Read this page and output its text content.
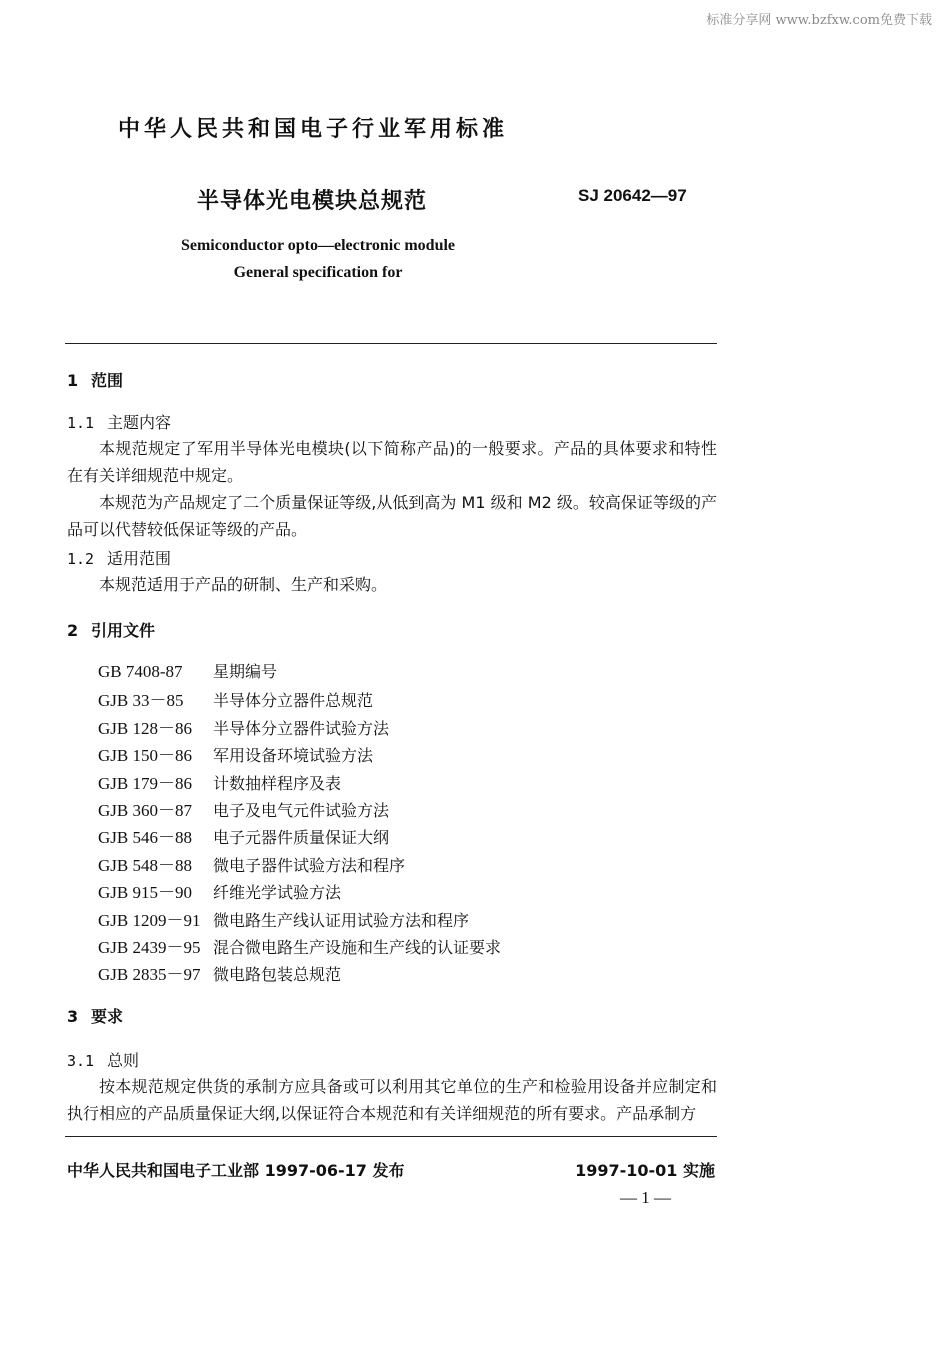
标准分享网 www.bzfxw.com免费下载
中华人民共和国电子行业军用标准
半导体光电模块总规范	SJ 20642—97
Semiconductor opto—electronic module
General specification for
1 范围
1.1 主题内容
本规范规定了军用半导体光电模块(以下简称产品)的一般要求。产品的具体要求和特性在有关详细规范中规定。
本规范为产品规定了二个质量保证等级,从低到高为 M1 级和 M2 级。较高保证等级的产品可以代替较低保证等级的产品。
1.2 适用范围
本规范适用于产品的研制、生产和采购。
2 引用文件
GB 7408-87 星期编号
GJB 33－85 半导体分立器件总规范
GJB 128－86 半导体分立器件试验方法
GJB 150－86 军用设备环境试验方法
GJB 179－86 计数抽样程序及表
GJB 360－87 电子及电气元件试验方法
GJB 546－88 电子元器件质量保证大纲
GJB 548－88 微电子器件试验方法和程序
GJB 915－90 纤维光学试验方法
GJB 1209－91 微电路生产线认证用试验方法和程序
GJB 2439－95 混合微电路生产设施和生产线的认证要求
GJB 2835－97 微电路包装总规范
3 要求
3.1 总则
按本规范规定供货的承制方应具备或可以利用其它单位的生产和检验用设备并应制定和执行相应的产品质量保证大纲,以保证符合本规范和有关详细规范的所有要求。产品承制方
中华人民共和国电子工业部 1997-06-17 发布	1997-10-01 实施
— 1 —
